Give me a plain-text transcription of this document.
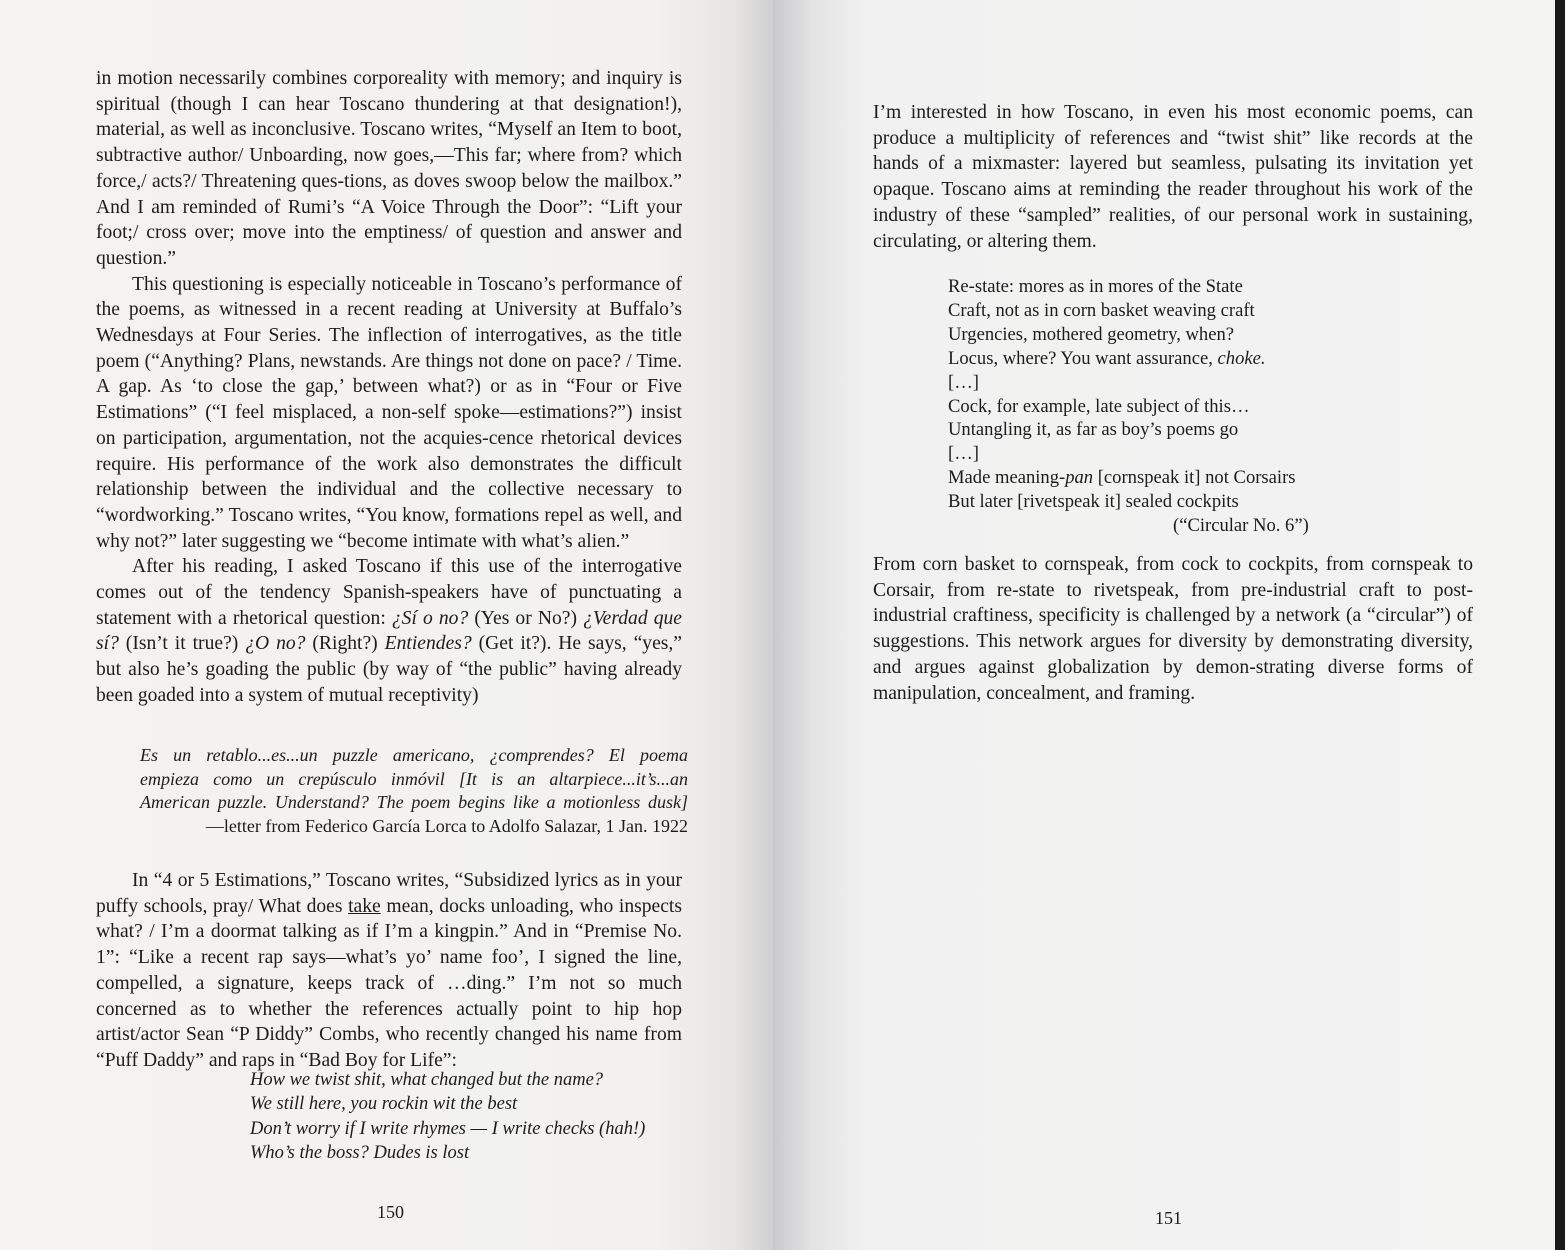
in motion necessarily combines corporeality with memory; and inquiry is spiritual (though I can hear Toscano thundering at that designation!), material, as well as inconclusive. Toscano writes, “Myself an Item to boot, subtractive author/ Unboarding, now goes,—This far; where from? which force,/ acts?/ Threatening ques-tions, as doves swoop below the mailbox.” And I am reminded of Rumi’s “A Voice Through the Door”: “Lift your foot;/ cross over; move into the emptiness/ of question and answer and question.”

This questioning is especially noticeable in Toscano’s performance of the poems, as witnessed in a recent reading at University at Buffalo’s Wednesdays at Four Series. The inflection of interrogatives, as the title poem (“Anything? Plans, newstands. Are things not done on pace? / Time. A gap. As ‘to close the gap,’ between what?) or as in “Four or Five Estimations” (“I feel misplaced, a non-self spoke—estimations?”) insist on participation, argumentation, not the acquies-cence rhetorical devices require. His performance of the work also demonstrates the difficult relationship between the individual and the collective necessary to “wordworking.” Toscano writes, “You know, formations repel as well, and why not?” later suggesting we “become intimate with what’s alien.”

After his reading, I asked Toscano if this use of the interrogative comes out of the tendency Spanish-speakers have of punctuating a statement with a rhetorical question: ¿Sí o no? (Yes or No?) ¿Verdad que sí? (Isn’t it true?) ¿O no? (Right?) Entiendes? (Get it?). He says, “yes,” but also he’s goading the public (by way of “the public” having already been goaded into a system of mutual receptivity)

Es un retablo...es...un puzzle americano, ¿comprendes? El poema
empieza como un crepúsculo inmóvil [It is an altarpiece...it’s...an
American puzzle. Understand? The poem begins like a motionless dusk]
—letter from Federico García Lorca to Adolfo Salazar, 1 Jan. 1922

In “4 or 5 Estimations,” Toscano writes, “Subsidized lyrics as in your puffy schools, pray/ What does take mean, docks unloading, who inspects what? / I’m a doormat talking as if I’m a kingpin.” And in “Premise No. 1”: “Like a recent rap says—what’s yo’ name foo’, I signed the line, compelled, a signature, keeps track of …ding.” I’m not so much concerned as to whether the references actually point to hip hop artist/actor Sean “P Diddy” Combs, who recently changed his name from “Puff Daddy” and raps in “Bad Boy for Life”:

How we twist shit, what changed but the name?
We still here, you rockin wit the best
Don’t worry if I write rhymes — I write checks (hah!)
Who’s the boss? Dudes is lost
150

I’m interested in how Toscano, in even his most economic poems, can produce a multiplicity of references and “twist shit” like records at the hands of a mixmaster: layered but seamless, pulsating its invitation yet opaque. Toscano aims at reminding the reader throughout his work of the industry of these “sampled” realities, of our personal work in sustaining, circulating, or altering them.

Re-state: mores as in mores of the State
Craft, not as in corn basket weaving craft
Urgencies, mothered geometry, when?
Locus, where? You want assurance, choke.
[…]
Cock, for example, late subject of this…
Untangling it, as far as boy’s poems go
[…]
Made meaning-pan [cornspeak it] not Corsairs
But later [rivetspeak it] sealed cockpits
(“Circular No. 6”)

From corn basket to cornspeak, from cock to cockpits, from cornspeak to Corsair, from re-state to rivetspeak, from pre-industrial craft to post-industrial craftiness, specificity is challenged by a network (a “circular”) of suggestions. This network argues for diversity by demonstrating diversity, and argues against globalization by demon-strating diverse forms of manipulation, concealment, and framing.

151
